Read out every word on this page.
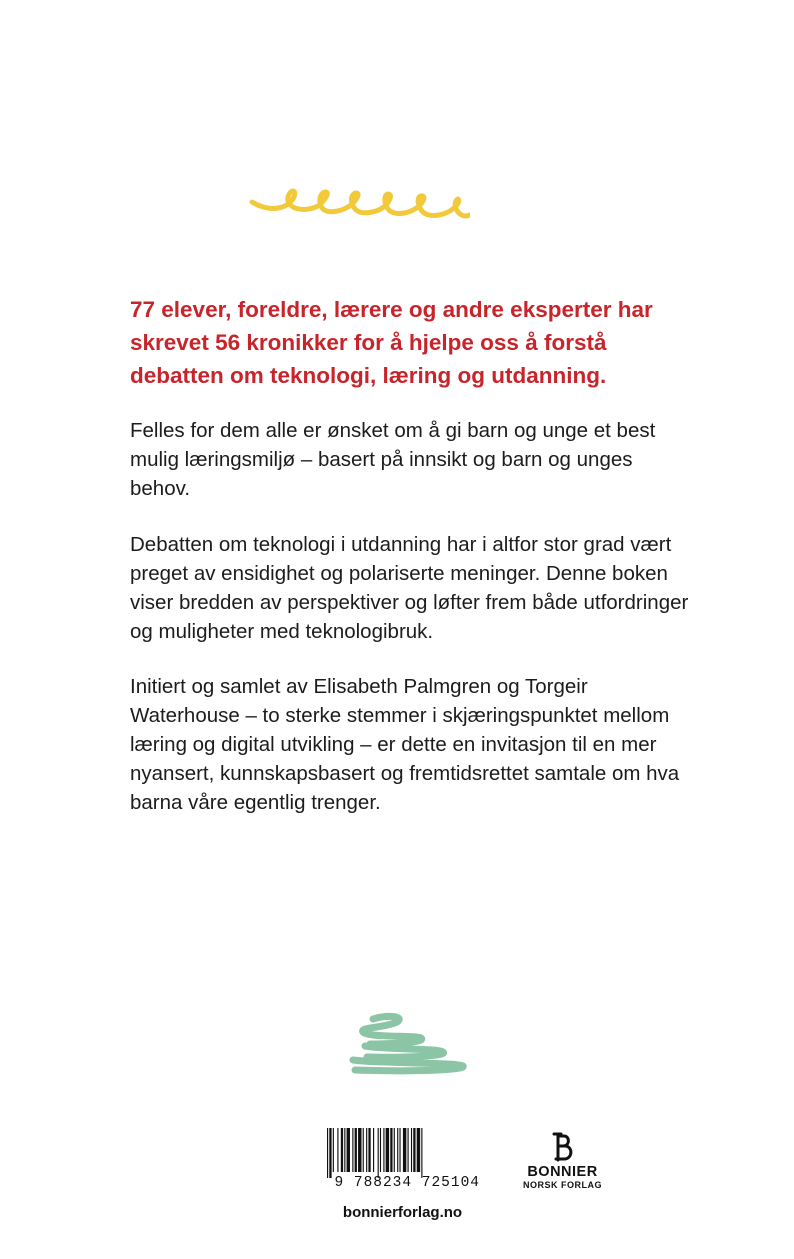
77 elever, foreldre, lærere og andre eksperter har skrevet 56 kronikker for å hjelpe oss å forstå debatten om teknologi, læring og utdanning.

Felles for dem alle er ønsket om å gi barn og unge et best mulig læringsmiljø – basert på innsikt og barn og unges behov.

Debatten om teknologi i utdanning har i altfor stor grad vært preget av ensidighet og polariserte meninger. Denne boken viser bredden av perspektiver og løfter frem både utfordringer og muligheter med teknologibruk.

Initiert og samlet av Elisabeth Palmgren og Torgeir Waterhouse – to sterke stemmer i skjæringspunktet mellom læring og digital utvikling – er dette en invitasjon til en mer nyansert, kunnskapsbasert og fremtidsrettet samtale om hva barna våre egentlig trenger.

9 788234 725104
bonnierforlag.no
BONNIER
NORSK FORLAG
